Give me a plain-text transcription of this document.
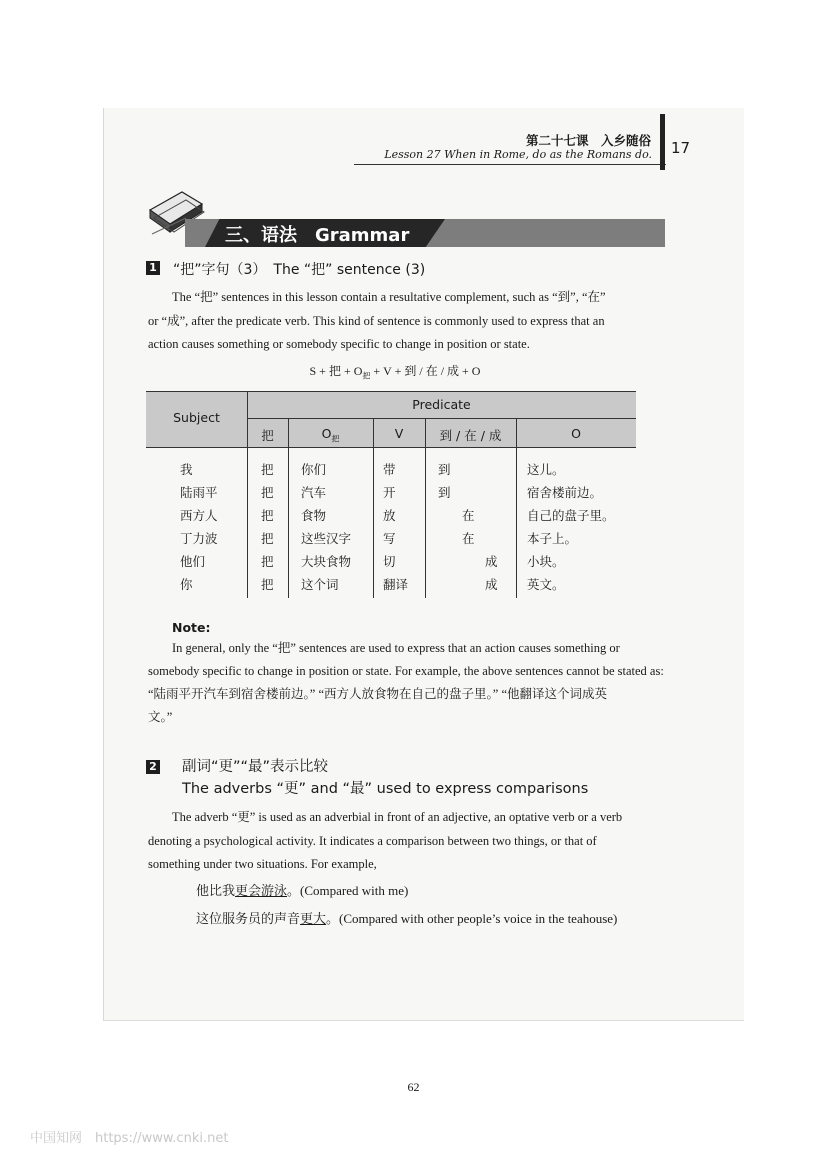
第二十七课　入乡随俗
Lesson 27 When in Rome, do as the Romans do. 17
三、语法　Grammar
1 “把”字句（3）　The “把” sentence (3)

The “把” sentences in this lesson contain a resultative complement, such as “到”, “在”

or “成”, after the predicate verb. This kind of sentence is commonly used to express that an

action causes something or somebody specific to change in position or state.

S + 把 + $O_把 + V$ + 到 / 在 / 成 + O
Subject
Predicate
把	$O_把$	V	到 / 在 / 成	O
我	把 你们	带	到	这儿。
陆雨平	把 汽车	开	到	宿舍楼前边。
西方人	把 食物	放	在	自己的盘子里。
丁力波	把 这些汉字	写	在	本子上。
他们	把 大块食物	切	成 小块。
你	把 这个词	翻译	成 英文。
Note:

In general, only the “把” sentences are used to express that an action causes something or

somebody specific to change in position or state. For example, the above sentences cannot be stated as:

“陆雨平开汽车到宿舍楼前边。” “西方人放食物在自己的盘子里。” “他翻译这个词成英

文。”

2 副词“更”“最”表示比较
The adverbs “更” and “最” used to express comparisons

The adverb “更” is used as an adverbial in front of an adjective, an optative verb or a verb

denoting a psychological activity. It indicates a comparison between two things, or that of

something under two situations. For example,

他比我更会游泳。(Compared with me)
这位服务员的声音更大。(Compared with other people’s voice in the teahouse)
62
中国知网　https://www.cnki.net
